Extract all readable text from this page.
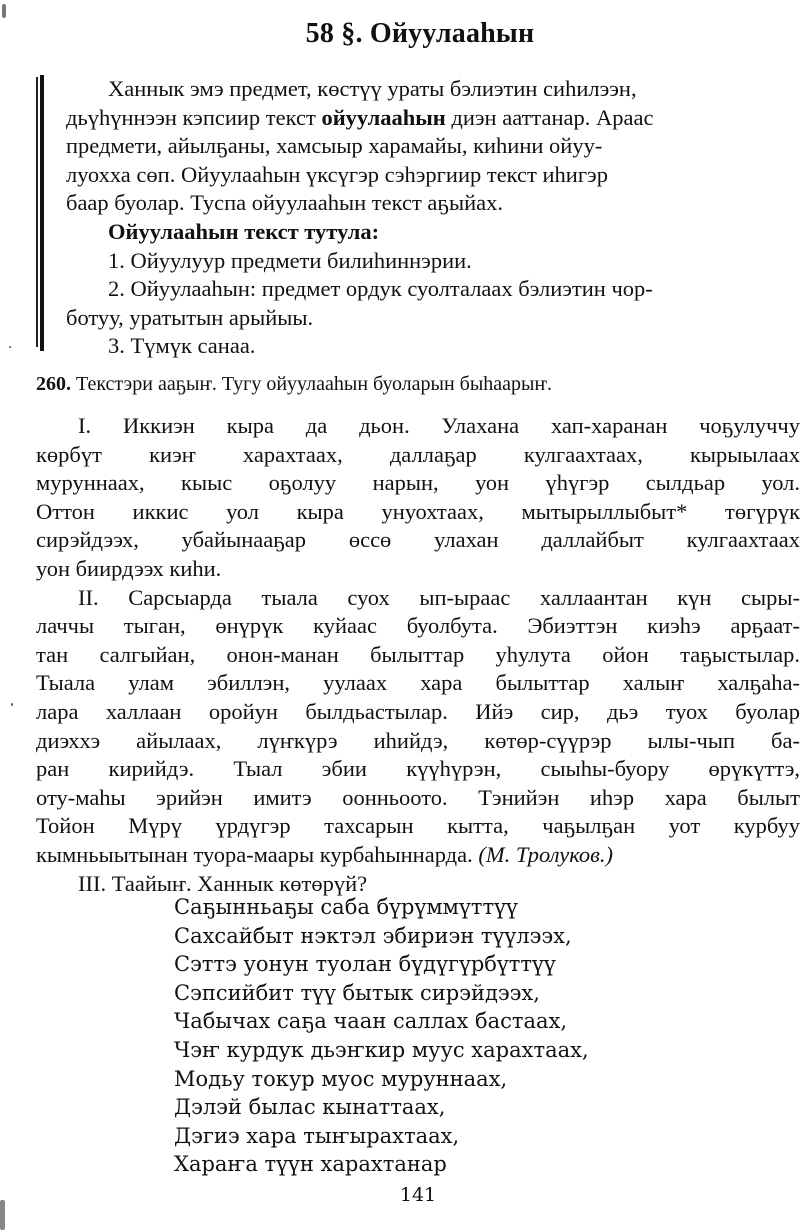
58 §. Ойуулааһын

Ханнык эмэ предмет, көстүү ураты бэлиэтин сиһилээн,

дьүһүннээн кэпсиир текст ойуулааһын диэн ааттанар. Араас

предмети, айылҕаны, хамсыыр харамайы, киһини ойуу-

луохха сөп. Ойуулааһын үксүгэр сэһэргиир текст иһигэр

баар буолар. Туспа ойуулааһын текст аҕыйах.

Ойуулааһын текст тутула:

1. Ойуулуур предмети билиһиннэрии.

2. Ойуулааһын: предмет ордук суолталаах бэлиэтин чор-

ботуу, уратытын арыйыы.

3. Түмүк санаа.

260. Текстэри ааҕыҥ. Тугу ойуулааһын буоларын быһаарыҥ.
I. Иккиэн кыра да дьон. Улахана хап-харанан чоҕулуччу
көрбүт киэҥ харахтаах, даллаҕар кулгаахтаах, кырыылаах
муруннаах, кыыс оҕолуу нарын, уон үһүгэр сылдьар уол.
Оттон иккис уол кыра унуохтаах, мытырыллыбыт* төгүрүк
сирэйдээх, убайынааҕар өссө улахан даллайбыт кулгаахтаах
уон биирдээх киһи.
II. Сарсыарда тыала суох ып-ыраас халлаантан күн сыры-
лаччы тыган, өнүрүк куйаас буолбута. Эбиэттэн киэһэ арҕаат-
тан салгыйан, онон-манан былыттар уһулута ойон таҕыстылар.
Тыала улам эбиллэн, уулаах хара былыттар халыҥ халҕаһа-
лара халлаан оройун былдьастылар. Ийэ сир, дьэ туох буолар
диэххэ айылаах, лүҥкүрэ иһийдэ, көтөр-сүүрэр ылы-чып ба-
ран кирийдэ. Тыал эбии күүһүрэн, сыыһы-буору өрүкүттэ,
оту-маһы эрийэн имитэ оонньоото. Тэнийэн иһэр хара былыт
Тойон Мүрү үрдүгэр тахсарын кытта, чаҕылҕан уот курбуу
кымньыытынан туора-маары курбаһыннарда. (М. Тролуков.)
III. Таайыҥ. Ханнык көтөрүй?
Саҕынньаҕы саба бүрүммүттүү
Сахсайбыт нэктэл эбириэн түүлээх,
Сэттэ уонун туолан бүдүгүрбүттүү
Сэпсийбит түү бытык сирэйдээх,
Чабычах саҕа чаан саллах бастаах,
Чэҥ курдук дьэҥкир муус харахтаах,
Модьу токур муос муруннаах,
Дэлэй былас кынаттаах,
Дэгиэ хара тыҥырахтаах,
Хараҥа түүн харахтанар
141
